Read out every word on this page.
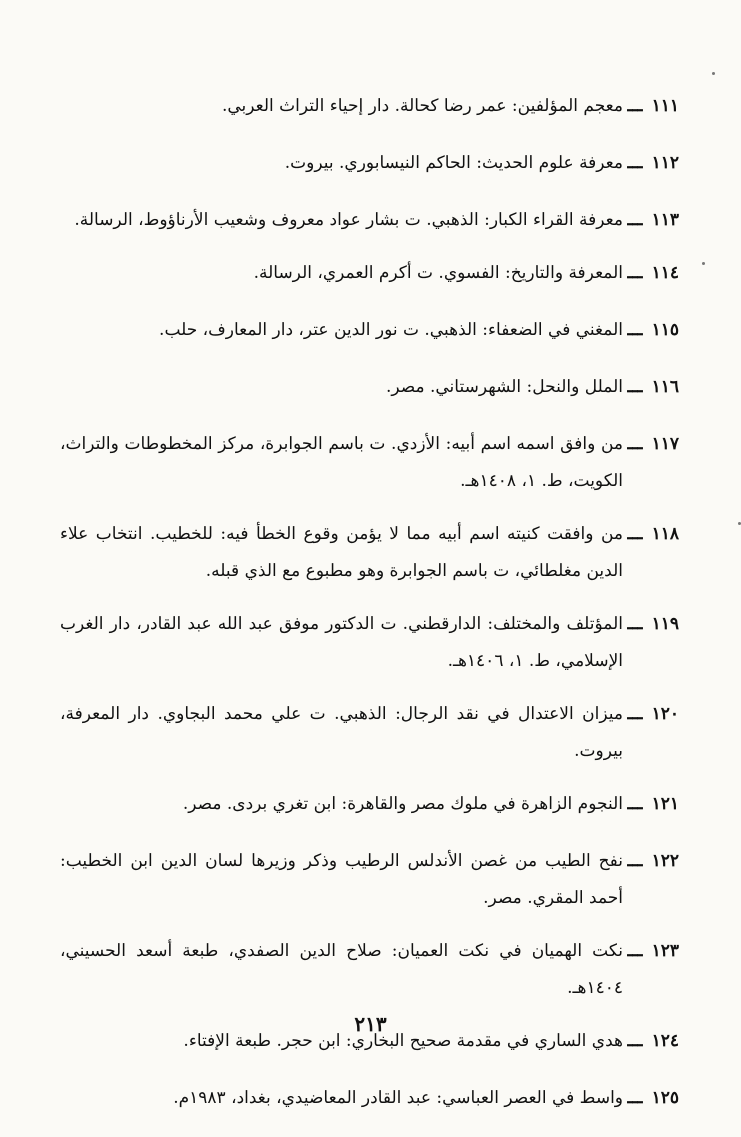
١١١
ـــ
معجم المؤلفين: عمر رضا كحالة. دار إحياء التراث العربي.
١١٢
ـــ
معرفة علوم الحديث: الحاكم النيسابوري. بيروت.
١١٣
ـــ
معرفة القراء الكبار: الذهبي. ت بشار عواد معروف وشعيب الأرناؤوط، الرسالة.
١١٤
ـــ
المعرفة والتاريخ: الفسوي. ت أكرم العمري، الرسالة.
١١٥
ـــ
المغني في الضعفاء: الذهبي. ت نور الدين عتر، دار المعارف، حلب.
١١٦
ـــ
الملل والنحل: الشهرستاني. مصر.
١١٧
ـــ
من وافق اسمه اسم أبيه: الأزدي. ت باسم الجوابرة، مركز المخطوطات والتراث، الكويت، ط. ١، ١٤٠٨هـ.
١١٨
ـــ
من وافقت كنيته اسم أبيه مما لا يؤمن وقوع الخطأ فيه: للخطيب. انتخاب علاء الدين مغلطائي، ت باسم الجوابرة وهو مطبوع مع الذي قبله.
١١٩
ـــ
المؤتلف والمختلف: الدارقطني. ت الدكتور موفق عبد الله عبد القادر، دار الغرب الإسلامي، ط. ١، ١٤٠٦هـ.
١٢٠
ـــ
ميزان الاعتدال في نقد الرجال: الذهبي. ت علي محمد البجاوي. دار المعرفة، بيروت.
١٢١
ـــ
النجوم الزاهرة في ملوك مصر والقاهرة: ابن تغري بردى. مصر.
١٢٢
ـــ
نفح الطيب من غصن الأندلس الرطيب وذكر وزيرها لسان الدين ابن الخطيب: أحمد المقري. مصر.
١٢٣
ـــ
نكت الهميان في نكت العميان: صلاح الدين الصفدي، طبعة أسعد الحسيني، ١٤٠٤هـ.
١٢٤
ـــ
هدي الساري في مقدمة صحيح البخاري: ابن حجر. طبعة الإفتاء.
١٢٥
ـــ
واسط في العصر العباسي: عبد القادر المعاضيدي، بغداد، ١٩٨٣م.
٢١٣
